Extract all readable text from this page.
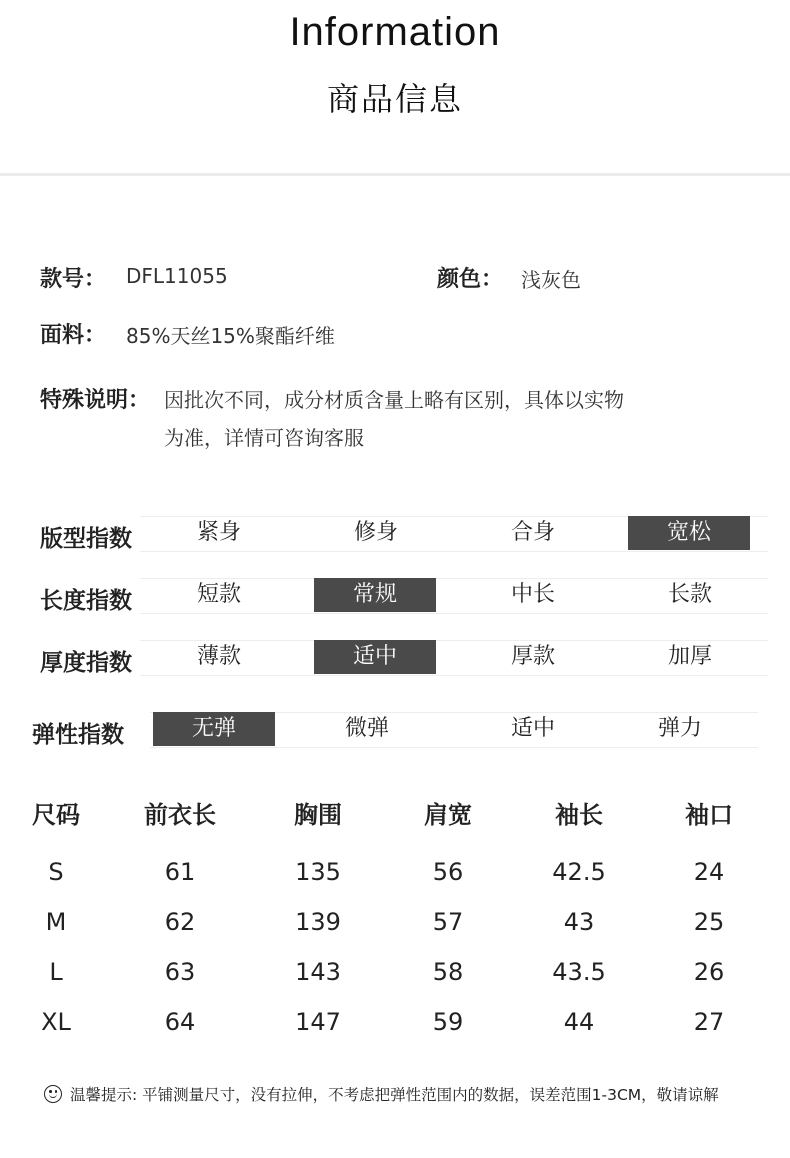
Information
商品信息
款号： DFL11055	颜色： 浅灰色
面料： 85%天丝15%聚酯纤维
特殊说明： 因批次不同，成分材质含量上略有区别，具体以实物
为准，详情可咨询客服
版型指数	紧身	修身	合身	宽松
长度指数	短款	常规	中长	长款
厚度指数	薄款	适中	厚款	加厚
弹性指数	无弹	微弹	适中	弹力
尺码	前衣长	胸围	肩宽	袖长	袖口
S	61	135	56	42.5	24
M	62	139	57	43	25
L	63	143	58	43.5	26
XL	64	147	59	44	27
温馨提示: 平铺测量尺寸，没有拉伸，不考虑把弹性范围内的数据，误差范围1-3CM，敬请谅解
